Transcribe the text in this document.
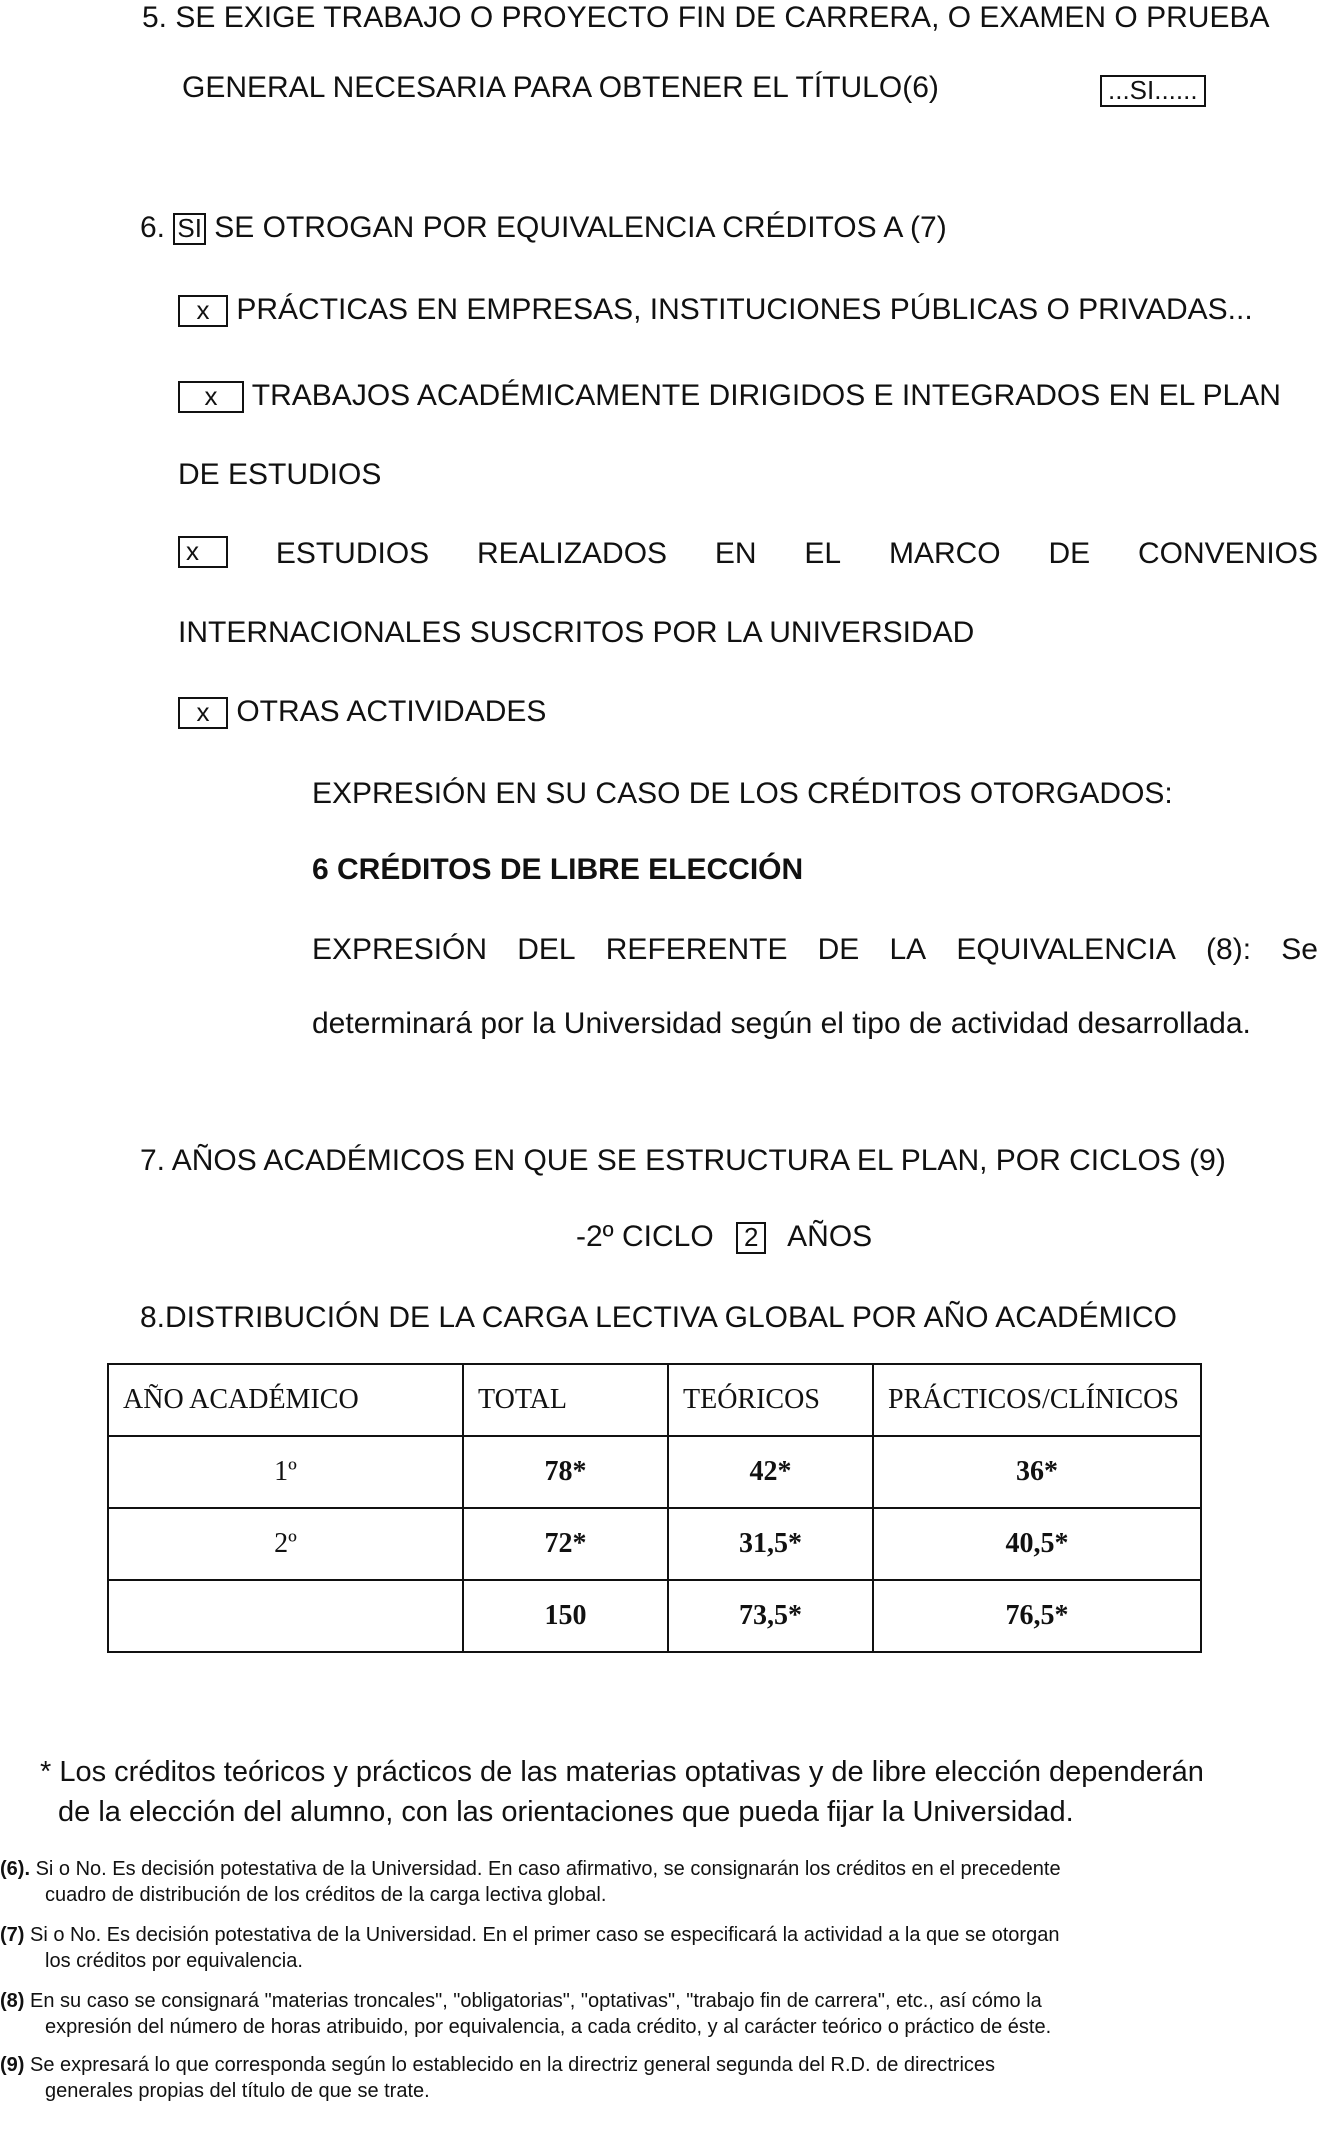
5. SE EXIGE TRABAJO O PROYECTO FIN DE CARRERA, O EXAMEN O PRUEBA
GENERAL NECESARIA PARA OBTENER EL TÍTULO(6)	...SI......
6. SI SE OTROGAN POR EQUIVALENCIA CRÉDITOS A (7)
x PRÁCTICAS EN EMPRESAS, INSTITUCIONES PÚBLICAS O PRIVADAS...
x TRABAJOS ACADÉMICAMENTE DIRIGIDOS E INTEGRADOS EN EL PLAN
DE ESTUDIOS
x	ESTUDIOS REALIZADOS EN EL MARCO DE CONVENIOS
INTERNACIONALES SUSCRITOS POR LA UNIVERSIDAD
x OTRAS ACTIVIDADES
EXPRESIÓN EN SU CASO DE LOS CRÉDITOS OTORGADOS:
6 CRÉDITOS DE LIBRE ELECCIÓN
EXPRESIÓN DEL REFERENTE DE LA EQUIVALENCIA (8): Se
determinará por la Universidad según el tipo de actividad desarrollada.
7. AÑOS ACADÉMICOS EN QUE SE ESTRUCTURA EL PLAN, POR CICLOS (9)
-2º CICLO 2 AÑOS
8.DISTRIBUCIÓN DE LA CARGA LECTIVA GLOBAL POR AÑO ACADÉMICO
AÑO ACADÉMICO	TOTAL	TEÓRICOS	PRÁCTICOS/CLÍNICOS
1º	78*	42*	36*
2º	72*	31,5*	40,5*
	150	73,5*	76,5*
* Los créditos teóricos y prácticos de las materias optativas y de libre elección dependerán
de la elección del alumno, con las orientaciones que pueda fijar la Universidad.
(6). Si o No. Es decisión potestativa de la Universidad. En caso afirmativo, se consignarán los créditos en el precedente
cuadro de distribución de los créditos de la carga lectiva global.
(7) Si o No. Es decisión potestativa de la Universidad. En el primer caso se especificará la actividad a la que se otorgan
los créditos por equivalencia.
(8) En su caso se consignará "materias troncales", "obligatorias", "optativas", "trabajo fin de carrera", etc., así cómo la
expresión del número de horas atribuido, por equivalencia, a cada crédito, y al carácter teórico o práctico de éste.
(9) Se expresará lo que corresponda según lo establecido en la directriz general segunda del R.D. de directrices
generales propias del título de que se trate.
